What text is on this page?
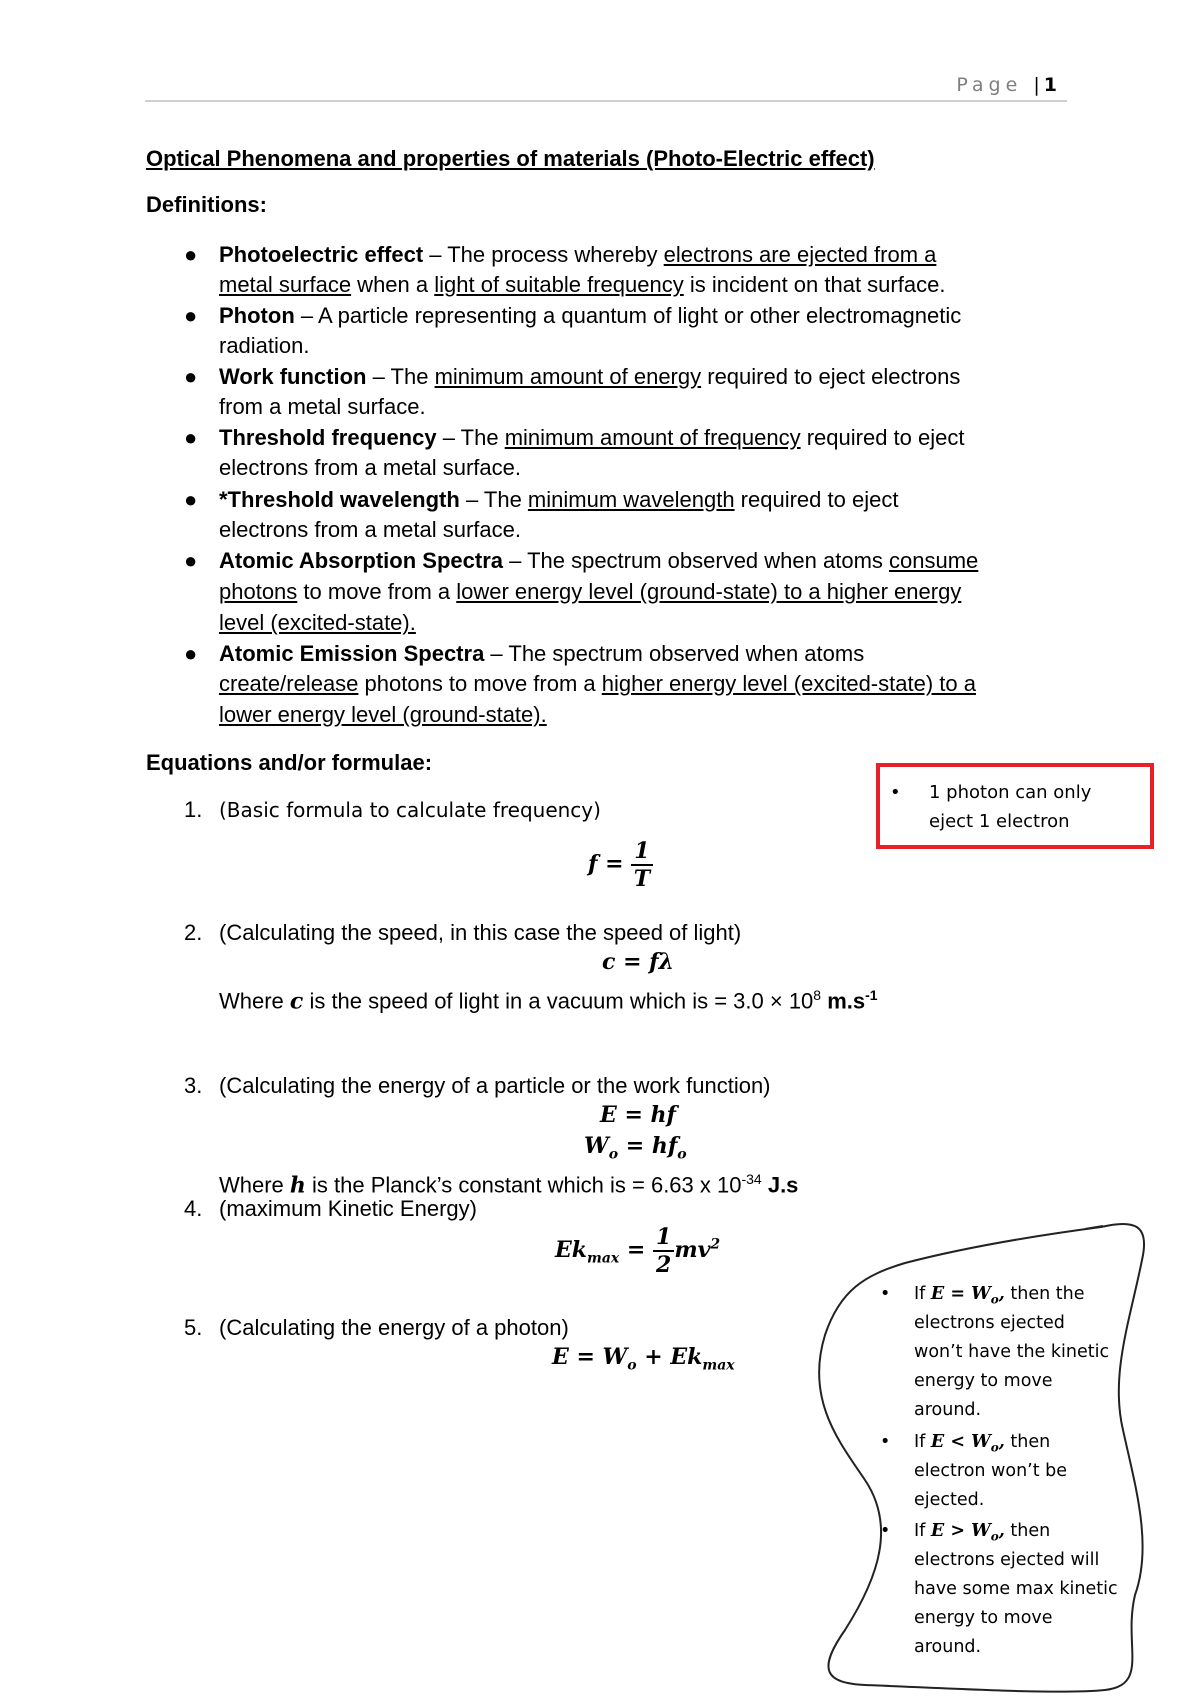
Page | 1
Optical Phenomena and properties of materials (Photo-Electric effect)
Definitions:
● Photoelectric effect – The process whereby electrons are ejected from a
metal surface when a light of suitable frequency is incident on that surface.
● Photon – A particle representing a quantum of light or other electromagnetic
radiation.
● Work function – The minimum amount of energy required to eject electrons
from a metal surface.
● Threshold frequency – The minimum amount of frequency required to eject
electrons from a metal surface.
● *Threshold wavelength – The minimum wavelength required to eject
electrons from a metal surface.
● Atomic Absorption Spectra – The spectrum observed when atoms consume
photons to move from a lower energy level (ground-state) to a higher energy
level (excited-state).
● Atomic Emission Spectra – The spectrum observed when atoms
create/release photons to move from a higher energy level (excited-state) to a
lower energy level (ground-state).
Equations and/or formulae:
1. (Basic formula to calculate frequency)
$f = \frac{1}{T}$
2. (Calculating the speed, in this case the speed of light)
c = fλ
Where c is the speed of light in a vacuum which is = $3.0 \times 10^8$ $m.s^{-1}$
3. (Calculating the energy of a particle or the work function)
E = hf
$W_o = hf_o$
Where h is the Planck’s constant which is = 6.63 x $10^{-34}$ J.s
4. (maximum Kinetic Energy)
$Ek_{max} = \frac{1}{2} mv^2$
5. (Calculating the energy of a photon)
$E = W_o + Ek_{max}$
• 1 photon can only
eject 1 electron
• If $E = W_o$, then the
electrons ejected
won’t have the kinetic
energy to move
around.
• If $E < W_o$, then
electron won’t be
ejected.
• If $E > W_o$, then
electrons ejected will
have some max kinetic
energy to move
around.
